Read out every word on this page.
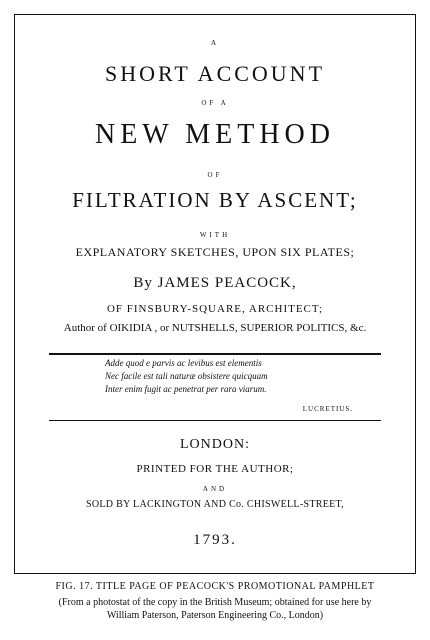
A
SHORT ACCOUNT
OF A
NEW METHOD
OF
FILTRATION BY ASCENT;
WITH
EXPLANATORY SKETCHES, UPON SIX PLATES;
By JAMES PEACOCK,
OF FINSBURY-SQUARE, ARCHITECT;
Author of OIKIDIA , or NUTSHELLS, SUPERIOR POLITICS, &c.
Adde quod e parvis ac levibus est elementis
Nec facile est tali naturæ obsistere quicquam
Inter enim fugit ac penetrat per rara viarum.
LUCRETIUS.
LONDON:
PRINTED FOR THE AUTHOR;
AND
SOLD BY LACKINGTON AND Co. CHISWELL-STREET,
1793.
FIG. 17. TITLE PAGE OF PEACOCK'S PROMOTIONAL PAMPHLET
(From a photostat of the copy in the British Museum; obtained for use here by
William Paterson, Paterson Engineering Co., London)
